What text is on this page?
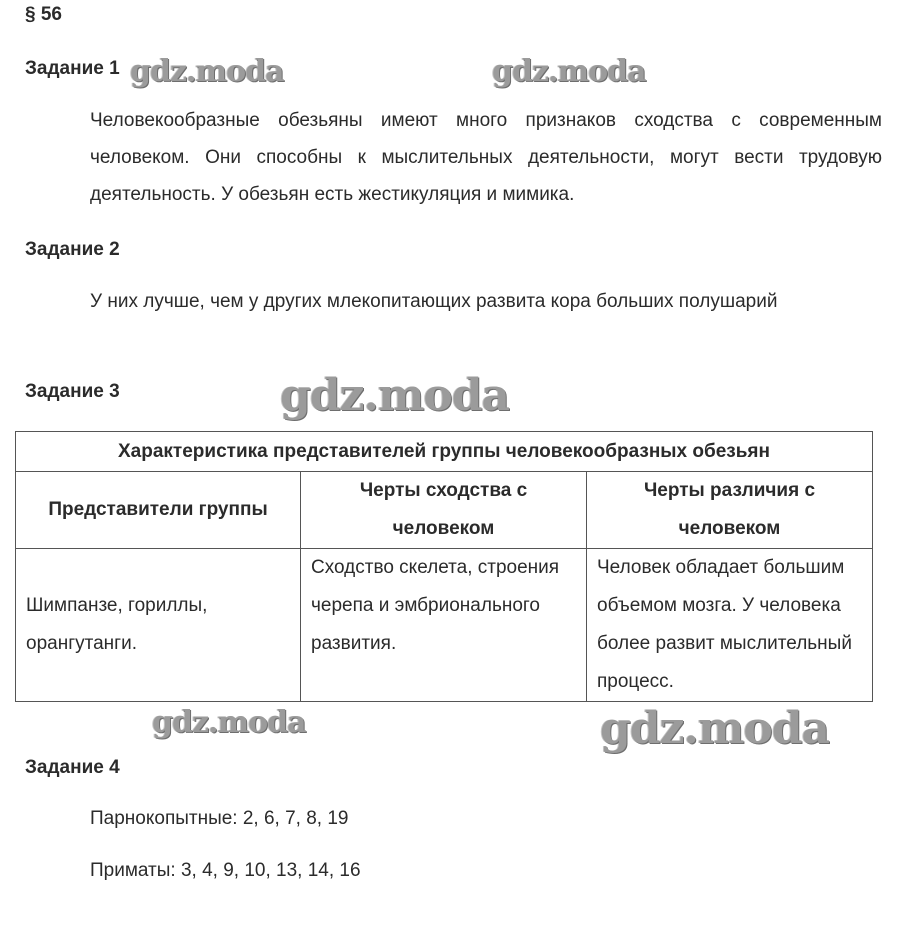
§ 56
Задание 1
Человекообразные обезьяны имеют много признаков сходства с современным человеком. Они способны к мыслительных деятельности, могут вести трудовую деятельность. У обезьян есть жестикуляция и мимика.
Задание 2
У них лучше, чем у других млекопитающих развита кора больших полушарий
Задание 3
Характеристика представителей группы человекообразных обезьян		
Представители группы	Черты сходства с человеком	Черты различия с человеком
Шимпанзе, гориллы, орангутанги.	Сходство скелета, строения черепа и эмбрионального развития.	Человек обладает большим объемом мозга. У человека более развит мыслительный процесс.
Задание 4
Парнокопытные: 2, 6, 7, 8, 19
Приматы: 3, 4, 9, 10, 13, 14, 16
gdz.moda	gdz.moda
gdz.moda
gdz.moda	gdz.moda
